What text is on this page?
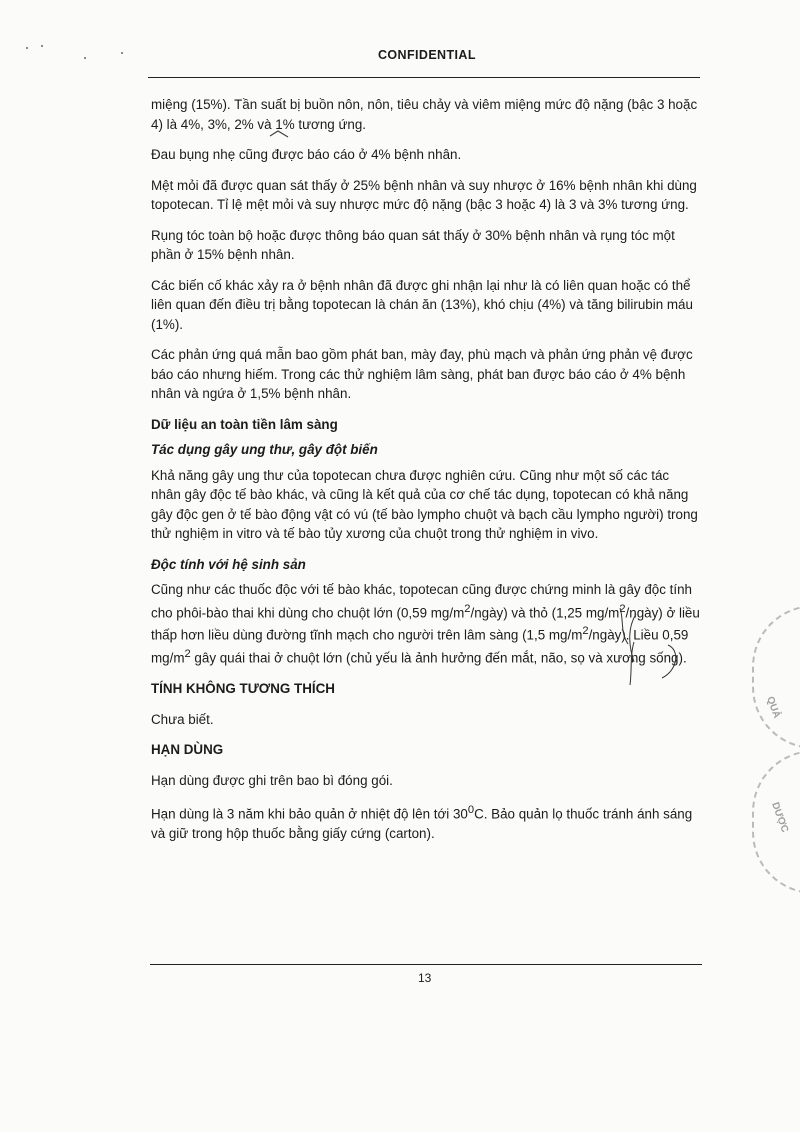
CONFIDENTIAL

miệng (15%). Tần suất bị buồn nôn, nôn, tiêu chảy và viêm miệng mức độ nặng (bậc 3 hoặc 4) là 4%, 3%, 2% và 1% tương ứng.

Đau bụng nhẹ cũng được báo cáo ở 4% bệnh nhân.

Mệt mỏi đã được quan sát thấy ở 25% bệnh nhân và suy nhược ở 16% bệnh nhân khi dùng topotecan. Tỉ lệ mệt mỏi và suy nhược mức độ nặng (bậc 3 hoặc 4) là 3 và 3% tương ứng.

Rụng tóc toàn bộ hoặc được thông báo quan sát thấy ở 30% bệnh nhân và rụng tóc một phần ở 15% bệnh nhân.

Các biến cố khác xảy ra ở bệnh nhân đã được ghi nhận lại như là có liên quan hoặc có thể liên quan đến điều trị bằng topotecan là chán ăn (13%), khó chịu (4%) và tăng bilirubin máu (1%).

Các phản ứng quá mẫn bao gồm phát ban, mày đay, phù mạch và phản ứng phản vệ được báo cáo nhưng hiếm. Trong các thử nghiệm lâm sàng, phát ban được báo cáo ở 4% bệnh nhân và ngứa ở 1,5% bệnh nhân.

Dữ liệu an toàn tiền lâm sàng

Tác dụng gây ung thư, gây đột biến

Khả năng gây ung thư của topotecan chưa được nghiên cứu. Cũng như một số các tác nhân gây độc tế bào khác, và cũng là kết quả của cơ chế tác dụng, topotecan có khả năng gây độc gen ở tế bào động vật có vú (tế bào lympho chuột và bạch cầu lympho người) trong thử nghiệm in vitro và tế bào tủy xương của chuột trong thử nghiệm in vivo.

Độc tính với hệ sinh sản

Cũng như các thuốc độc với tế bào khác, topotecan cũng được chứng minh là gây độc tính cho phôi-bào thai khi dùng cho chuột lớn (0,59 $mg/m^2/ngày$) và thỏ (1,25 $mg/m^2/ngày$) ở liều thấp hơn liều dùng đường tĩnh mạch cho người trên lâm sàng (1,5 $mg/m^2/ngày$). Liều 0,59 $mg/m^2$ gây quái thai ở chuột lớn (chủ yếu là ảnh hưởng đến mắt, não, sọ và xương sống).

TÍNH KHÔNG TƯƠNG THÍCH

Chưa biết.

HẠN DÙNG

Hạn dùng được ghi trên bao bì đóng gói.

Hạn dùng là 3 năm khi bảo quản ở nhiệt độ lên tới $30^0C$. Bảo quản lọ thuốc tránh ánh sáng và giữ trong hộp thuốc bằng giấy cứng (carton).

QUẢ
DƯỢC
13
